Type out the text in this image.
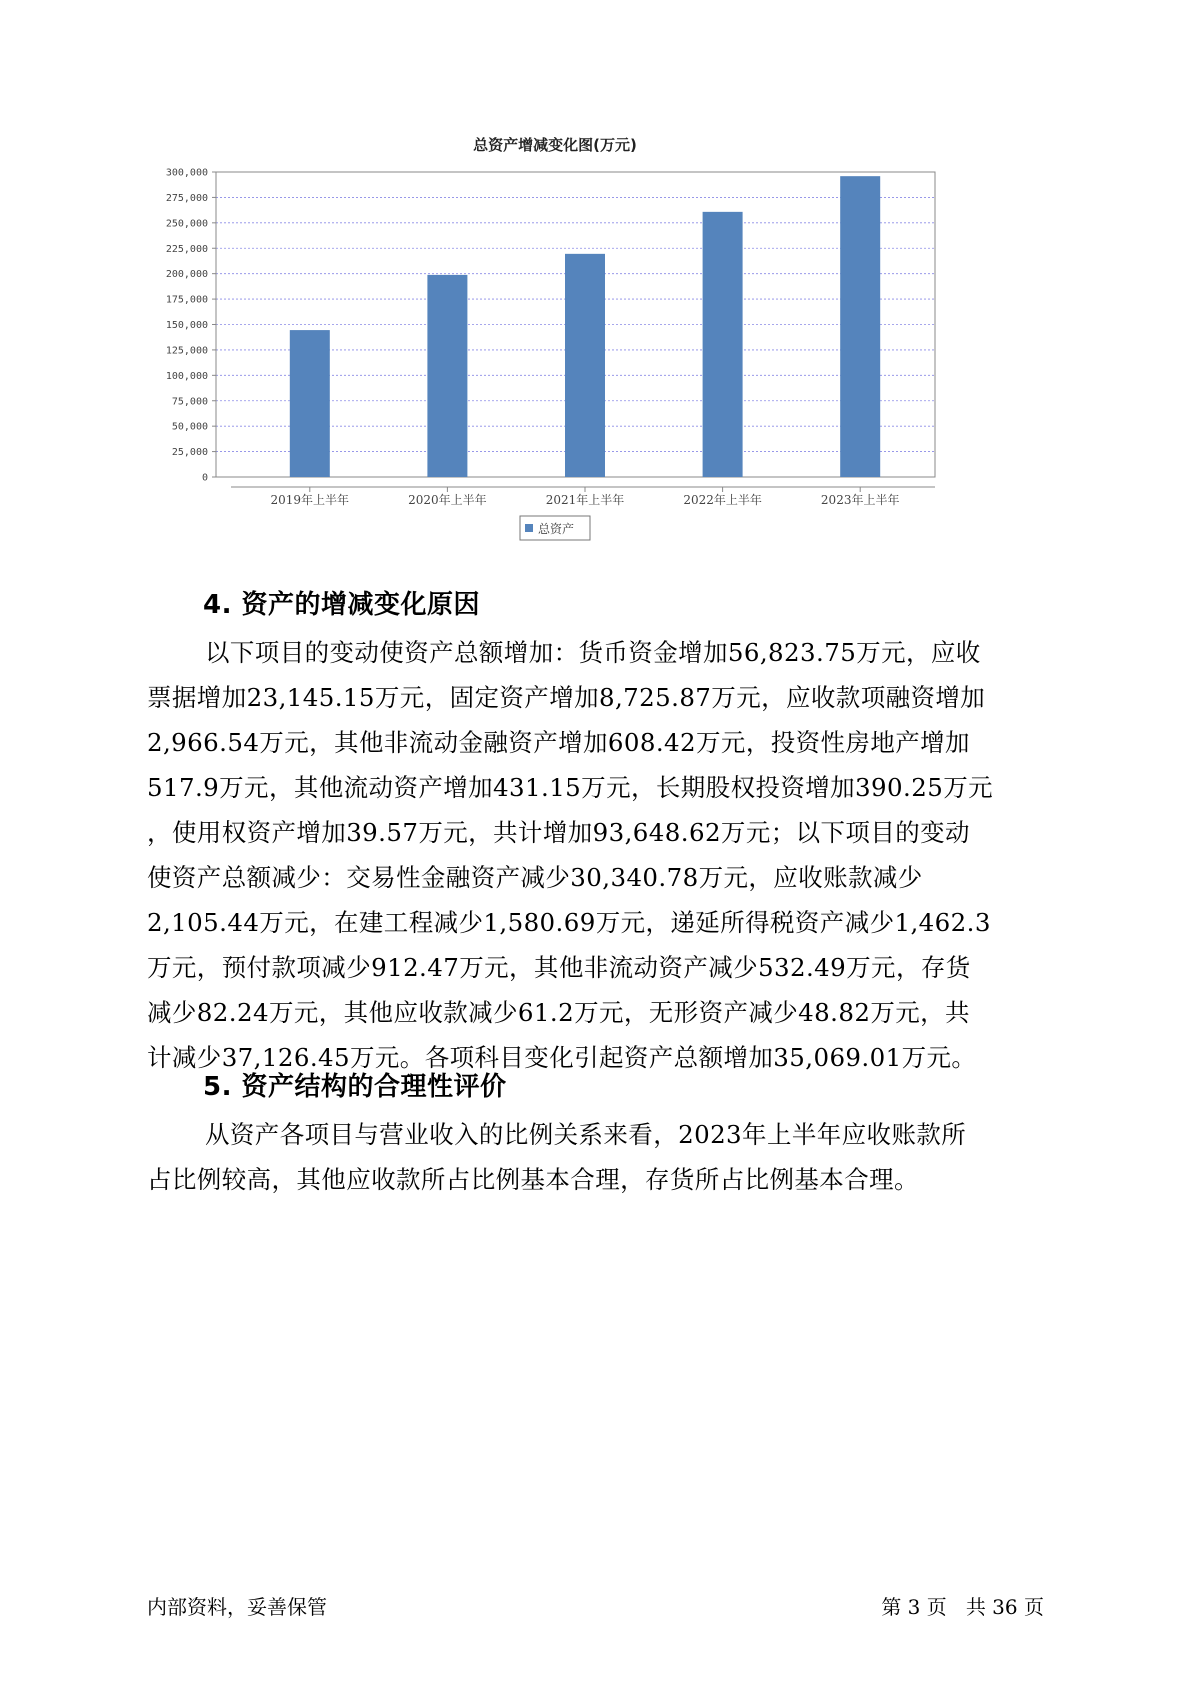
总资产增减变化图(万元)
2019年上半年	2020年上半年	2021年上半年	2022年上半年	2023年上半年
0
25,000
50,000
75,000
100,000
125,000
150,000
175,000
200,000
225,000
250,000
275,000
300,000
总资产
4. 资产的增减变化原因

以下项目的变动使资产总额增加：货币资金增加56,823.75万元，应收
票据增加23,145.15万元，固定资产增加8,725.87万元，应收款项融资增加
2,966.54万元，其他非流动金融资产增加608.42万元，投资性房地产增加
517.9万元，其他流动资产增加431.15万元，长期股权投资增加390.25万元
，使用权资产增加39.57万元，共计增加93,648.62万元；以下项目的变动
使资产总额减少：交易性金融资产减少30,340.78万元，应收账款减少
2,105.44万元，在建工程减少1,580.69万元，递延所得税资产减少1,462.3
万元，预付款项减少912.47万元，其他非流动资产减少532.49万元，存货
减少82.24万元，其他应收款减少61.2万元，无形资产减少48.82万元，共
计减少37,126.45万元。各项科目变化引起资产总额增加35,069.01万元。

5. 资产结构的合理性评价

从资产各项目与营业收入的比例关系来看，2023年上半年应收账款所
占比例较高，其他应收款所占比例基本合理，存货所占比例基本合理。

内部资料，妥善保管	第 3 页   共 36 页
